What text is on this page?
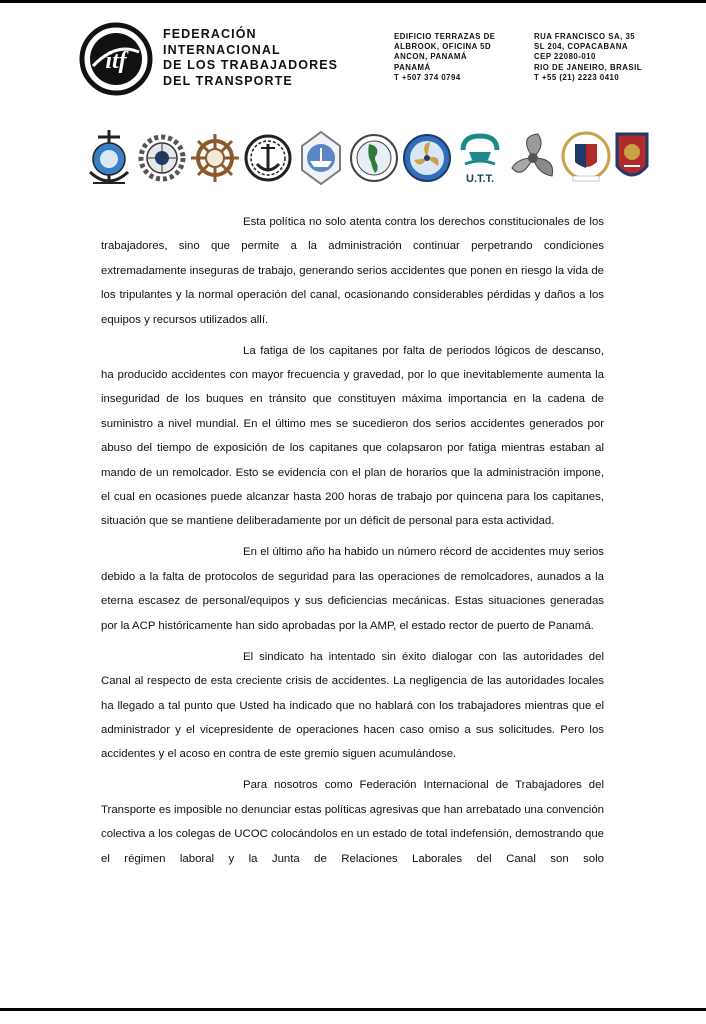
itf
FEDERACIÓN
INTERNACIONAL
DE LOS TRABAJADORES
DEL TRANSPORTE
EDIFICIO TERRAZAS DE
ALBROOK, OFICINA 5D
ANCON, PANAMÁ
PANAMÁ
T +507 374 0794
RUA FRANCISCO SA, 35
SL 204, COPACABANA
CEP 22080-010
RIO DE JANEIRO, BRASIL
T +55 (21) 2223 0410
U.T.T.

Esta política no solo atenta contra los derechos constitucionales de los trabajadores, sino que permite a la administración continuar perpetrando condiciones extremadamente inseguras de trabajo, generando serios accidentes que ponen en riesgo la vida de los tripulantes y la normal operación del canal, ocasionando considerables pérdidas y daños a los equipos y recursos utilizados allí.

La fatiga de los capitanes por falta de periodos lógicos de descanso, ha producido accidentes con mayor frecuencia y gravedad, por lo que inevitablemente aumenta la inseguridad de los buques en tránsito que constituyen máxima importancia en la cadena de suministro a nivel mundial. En el último mes se sucedieron dos serios accidentes generados por abuso del tiempo de exposición de los capitanes que colapsaron por fatiga mientras estaban al mando de un remolcador. Esto se evidencia con el plan de horarios que la administración impone, el cual en ocasiones puede alcanzar hasta 200 horas de trabajo por quincena para los capitanes, situación que se mantiene deliberadamente por un déficit de personal para esta actividad.

En el último año ha habido un número récord de accidentes muy serios debido a la falta de protocolos de seguridad para las operaciones de remolcadores, aunados a la eterna escasez de personal/equipos y sus deficiencias mecánicas. Estas situaciones generadas por la ACP históricamente han sido aprobadas por la AMP, el estado rector de puerto de Panamá.

El sindicato ha intentado sin éxito dialogar con las autoridades del Canal al respecto de esta creciente crisis de accidentes. La negligencia de las autoridades locales ha llegado a tal punto que Usted ha indicado que no hablará con los trabajadores mientras que el administrador y el vicepresidente de operaciones hacen caso omiso a sus solicitudes. Pero los accidentes y el acoso en contra de este gremio siguen acumulándose.

Para nosotros como Federación Internacional de Trabajadores del Transporte es imposible no denunciar estas políticas agresivas que han arrebatado una convención colectiva a los colegas de UCOC colocándolos en un estado de total indefensión, demostrando que el régimen laboral y la Junta de Relaciones Laborales del Canal son solo
